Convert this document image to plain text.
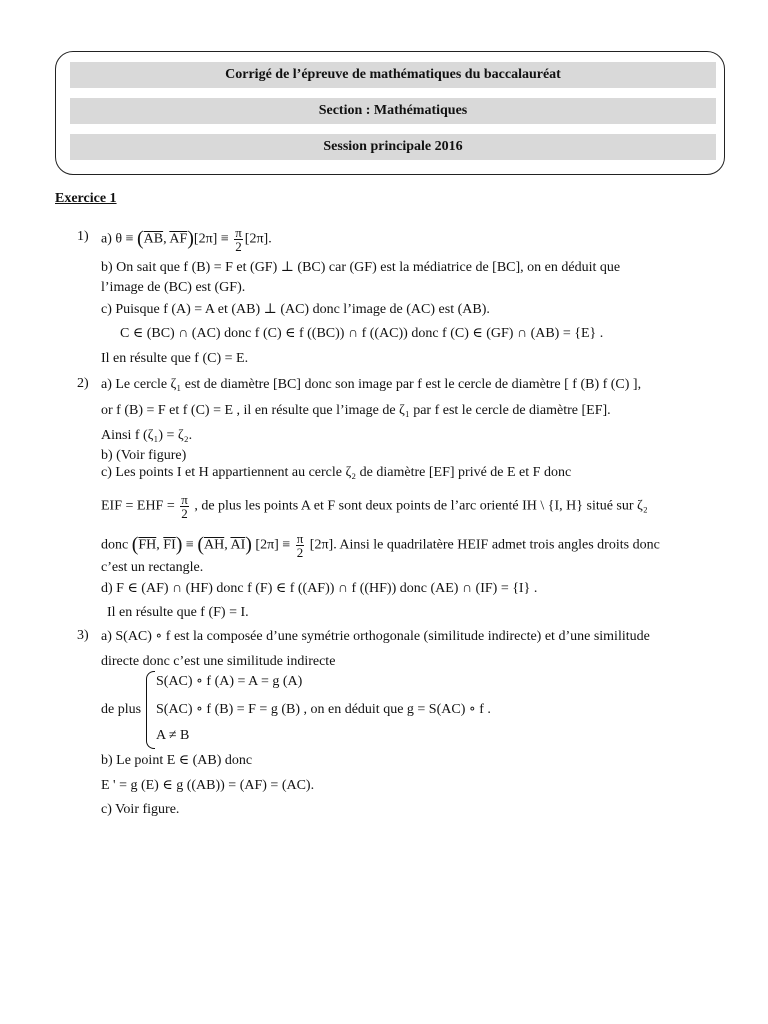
Corrigé de l’épreuve de mathématiques du baccalauréat
Section : Mathématiques
Session principale 2016
Exercice 1
1) a) $\theta \equiv (\overline{AB}$, $\overline{AF})[2\pi] \equiv \frac{\pi}{2} [2\pi]$.
b) On sait que f (B) = F et (GF) ⊥ (BC) car (GF) est la médiatrice de [BC], on en déduit que
l’image de (BC) est (GF).
c) Puisque f (A) = A et (AB) ⊥ (AC) donc l’image de (AC) est (AB).
C ∈ (BC) ∩ (AC) donc f (C) ∈ f ((BC)) ∩ f ((AC)) donc f (C) ∈ (GF) ∩ (AB) = {E} .
Il en résulte que f (C) = E.
2) a) Le cercle ζ₁ est de diamètre [BC] donc son image par f est le cercle de diamètre [ f (B) f (C) ],
or f (B) = F et f (C) = E , il en résulte que l’image de ζ₁ par f est le cercle de diamètre [EF].
Ainsi f (ζ₁) = ζ₂.
b) (Voir figure)
c) Les points I et H appartiennent au cercle ζ₂ de diamètre [EF] privé de E et F donc
EIF = EHF = $\frac{\pi}{2}$ , de plus les points A et F sont deux points de l’arc orienté IH \ {I, H} situé sur ζ₂
donc ($\overline{FH}$, $\overline{FI}) \equiv (\overline{AH}$, $\overline{AI}$) $[2\pi] \equiv \frac{\pi}{2} [2\pi]$. Ainsi le quadrilatère HEIF admet trois angles droits donc
c’est un rectangle.
d) F ∈ (AF) ∩ (HF) donc f (F) ∈ f ((AF)) ∩ f ((HF)) donc (AE) ∩ (IF) = {I} .
Il en résulte que f (F) = I.
3) a) S(AC) ∘ f est la composée d’une symétrie orthogonale (similitude indirecte) et d’une similitude
directe donc c’est une similitude indirecte
S(AC) ∘ f (A) = A = g (A)
de plus S(AC) ∘ f (B) = F = g (B) , on en déduit que g = S(AC) ∘ f .
A ≠ B
b) Le point E ∈ (AB) donc
E ' = g (E) ∈ g ((AB)) = (AF) = (AC).
c) Voir figure.
